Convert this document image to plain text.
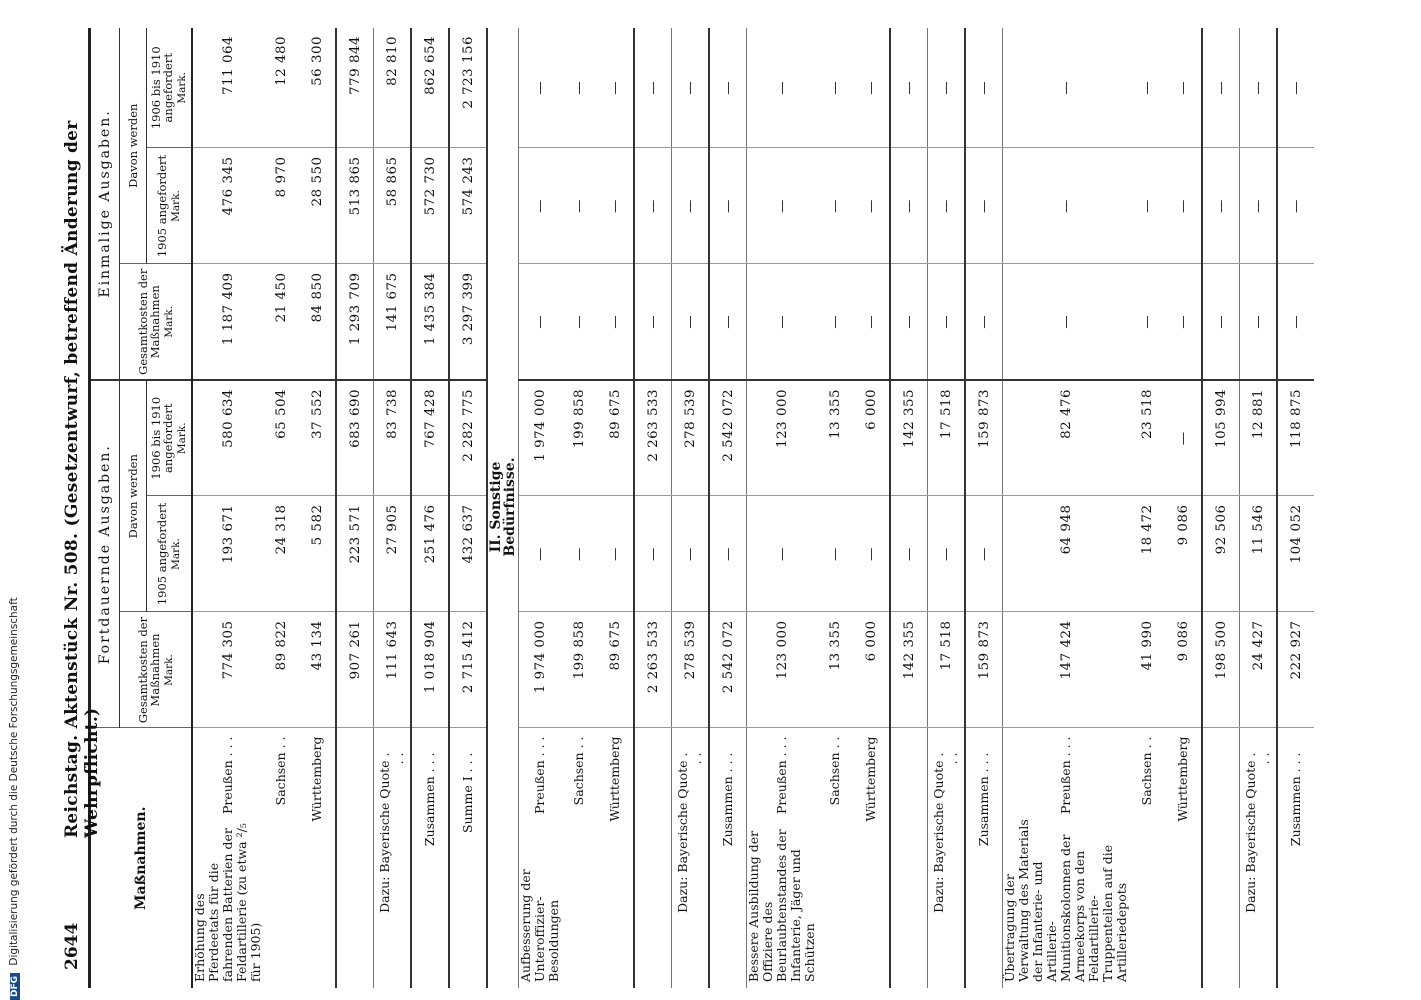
DFG Digitalisierung gefördert durch die Deutsche Forschungsgemeinschaft 2644
Reichstag. Aktenstück Nr. 508. (Gesetzentwurf, betreffend Änderung der Wehrpflicht.)
Maßnahmen.	Fortdauernde Ausgaben.			Einmalige Ausgaben.		
	Gesamtkosten der Maßnahmen Mark.	Davon werden		Gesamtkosten der Maßnahmen Mark.	Davon werden	
		1905 angefordert Mark.	1906 bis 1910 angefordert Mark.		1905 angefordert Mark.	1906 bis 1910 angefordert Mark.

Erhöhung des Pferdeetats für die fahrenden Batterien der Feldartillerie (zu etwa ²/₅ für 1905)
Preußen . . .	774 305	193 671	580 634	1 187 409	476 345	711 064

Sachsen . .	89 822	24 318	65 504	21 450	8 970	12 480

Württemberg	43 134	5 582	37 552	84 850	28 550	56 300

	907 261	223 571	683 690	1 293 709	513 865	779 844
Dazu: Bayerische Quote . . .	111 643	27 905	83 738	141 675	58 865	82 810
Zusammen . . .	1 018 904	251 476	767 428	1 435 384	572 730	862 654
Summe I . . .	2 715 412	432 637	2 282 775	3 297 399	574 243	2 723 156
II. Sonstige Bedürfnisse.						

Aufbesserung der Unteroffizier-Besoldungen
Preußen . . .	1 974 000	—	1 974 000	—	—	—

Sachsen . .	199 858	—	199 858	—	—	—

Württemberg	89 675	—	89 675	—	—	—

	2 263 533	—	2 263 533	—	—	—
Dazu: Bayerische Quote . . .	278 539	—	278 539	—	—	—
Zusammen . . .	2 542 072	—	2 542 072	—	—	—
Bessere Ausbildung der Offiziere des Beurlaubtenstandes der Infanterie, Jäger und Schützen
Preußen . . .	123 000	—	123 000	—	—	—

Sachsen . .	13 355	—	13 355	—	—	—

Württemberg	6 000	—	6 000	—	—	—

	142 355	—	142 355	—	—	—
Dazu: Bayerische Quote . . .	17 518	—	17 518	—	—	—
Zusammen . . .	159 873	—	159 873	—	—	—
Übertragung der Verwaltung des Materials der Infanterie- und Artillerie-Munitionskolonnen der Armeekorps von den Feldartillerie-Truppenteilen auf die Artilleriedepots
Preußen . . .	147 424	64 948	82 476	—	—	—

Sachsen . .	41 990	18 472	23 518	—	—	—

Württemberg	9 086	9 086	—	—	—	—

	198 500	92 506	105 994	—	—	—
Dazu: Bayerische Quote . . .	24 427	11 546	12 881	—	—	—
Zusammen . . .	222 927	104 052	118 875	—	—	—
